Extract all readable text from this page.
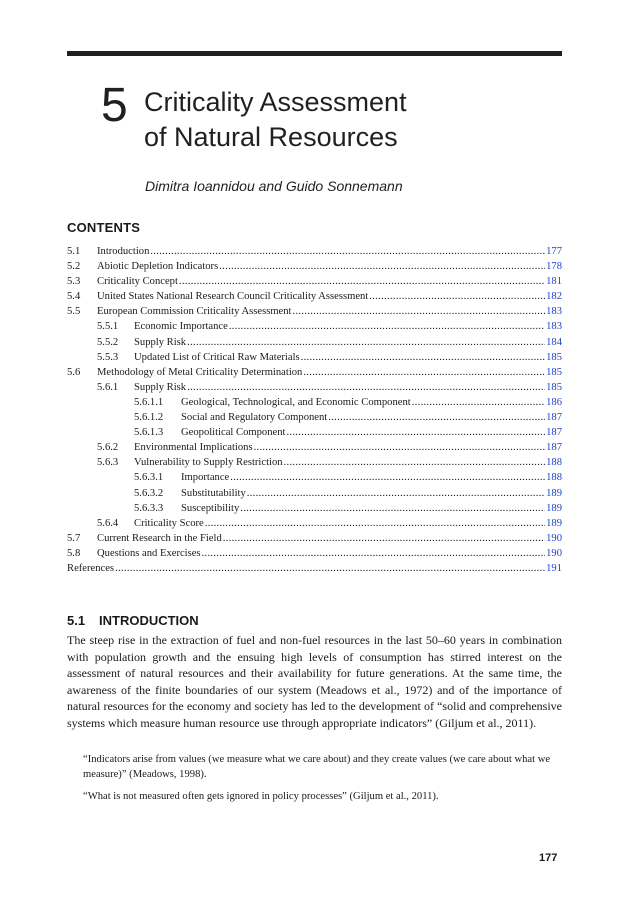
5 Criticality Assessment
of Natural Resources
Dimitra Ioannidou and Guido Sonnemann
CONTENTS
5.1	Introduction .....	177
5.2	Abiotic Depletion Indicators .....	178
5.3	Criticality Concept .....	181
5.4	United States National Research Council Criticality Assessment .....	182
5.5	European Commission Criticality Assessment .....	183
5.5.1	Economic Importance .....	183
5.5.2	Supply Risk .....	184
5.5.3	Updated List of Critical Raw Materials .....	185
5.6	Methodology of Metal Criticality Determination .....	185
5.6.1	Supply Risk .....	185
5.6.1.1	Geological, Technological, and Economic Component .....	186
5.6.1.2	Social and Regulatory Component .....	187
5.6.1.3	Geopolitical Component .....	187
5.6.2	Environmental Implications .....	187
5.6.3	Vulnerability to Supply Restriction .....	188
5.6.3.1	Importance .....	188
5.6.3.2	Substitutability .....	189
5.6.3.3	Susceptibility .....	189
5.6.4	Criticality Score .....	189
5.7	Current Research in the Field .....	190
5.8	Questions and Exercises .....	190
References .....	191
5.1 INTRODUCTION

The steep rise in the extraction of fuel and non-fuel resources in the last 50–60 years in combination with population growth and the ensuing high levels of consumption has stirred interest on the assessment of natural resources and their availability for future generations. At the same time, the awareness of the finite boundaries of our system (Meadows et al., 1972) and of the importance of natural resources for the economy and society has led to the development of “solid and comprehensive systems which measure human resource use through appropriate indicators” (Giljum et al., 2011).

“Indicators arise from values (we measure what we care about) and they create values (we care about what we measure)” (Meadows, 1998).

“What is not measured often gets ignored in policy processes” (Giljum et al., 2011).

177
